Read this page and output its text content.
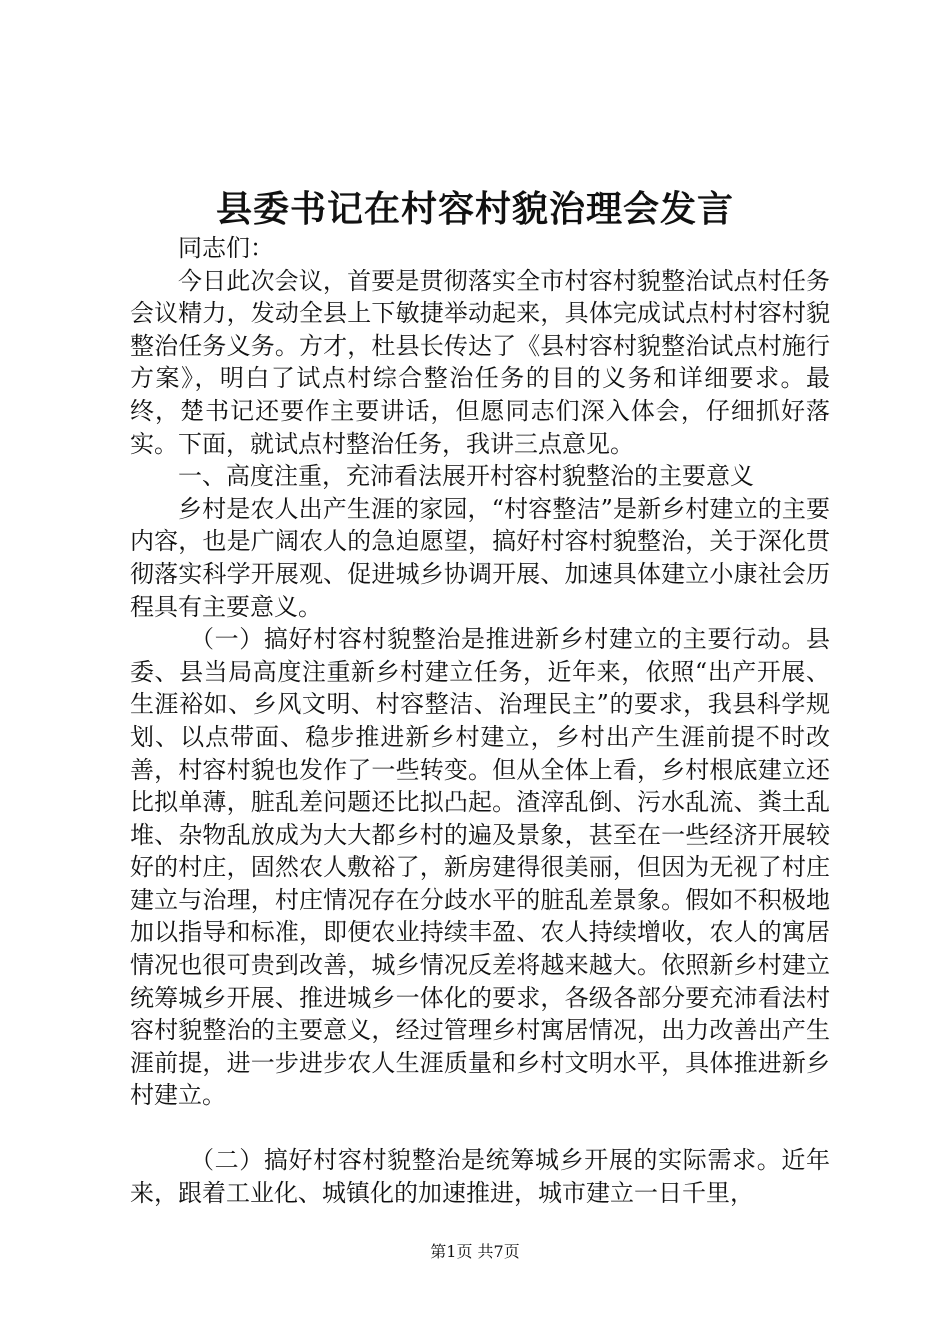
县委书记在村容村貌治理会发言

同志们：

今日此次会议，首要是贯彻落实全市村容村貌整治试点村任务会议精力，发动全县上下敏捷举动起来，具体完成试点村村容村貌整治任务义务。方才，杜县长传达了《县村容村貌整治试点村施行方案》，明白了试点村综合整治任务的目的义务和详细要求。最终，楚书记还要作主要讲话，但愿同志们深入体会，仔细抓好落实。下面，就试点村整治任务，我讲三点意见。

一、高度注重，充沛看法展开村容村貌整治的主要意义

乡村是农人出产生涯的家园，“村容整洁”是新乡村建立的主要内容，也是广阔农人的急迫愿望，搞好村容村貌整治，关于深化贯彻落实科学开展观、促进城乡协调开展、加速具体建立小康社会历程具有主要意义。

（一）搞好村容村貌整治是推进新乡村建立的主要行动。县委、县当局高度注重新乡村建立任务，近年来，依照“出产开展、生涯裕如、乡风文明、村容整洁、治理民主”的要求，我县科学规划、以点带面、稳步推进新乡村建立，乡村出产生涯前提不时改善，村容村貌也发作了一些转变。但从全体上看，乡村根底建立还比拟单薄，脏乱差问题还比拟凸起。渣滓乱倒、污水乱流、粪土乱堆、杂物乱放成为大大都乡村的遍及景象，甚至在一些经济开展较好的村庄，固然农人敷裕了，新房建得很美丽，但因为无视了村庄建立与治理，村庄情况存在分歧水平的脏乱差景象。假如不积极地加以指导和标准，即便农业持续丰盈、农人持续增收，农人的寓居情况也很可贵到改善，城乡情况反差将越来越大。依照新乡村建立统筹城乡开展、推进城乡一体化的要求，各级各部分要充沛看法村容村貌整治的主要意义，经过管理乡村寓居情况，出力改善出产生涯前提，进一步进步农人生涯质量和乡村文明水平，具体推进新乡村建立。

（二）搞好村容村貌整治是统筹城乡开展的实际需求。近年来，跟着工业化、城镇化的加速推进，城市建立一日千里，

第1页 共7页
